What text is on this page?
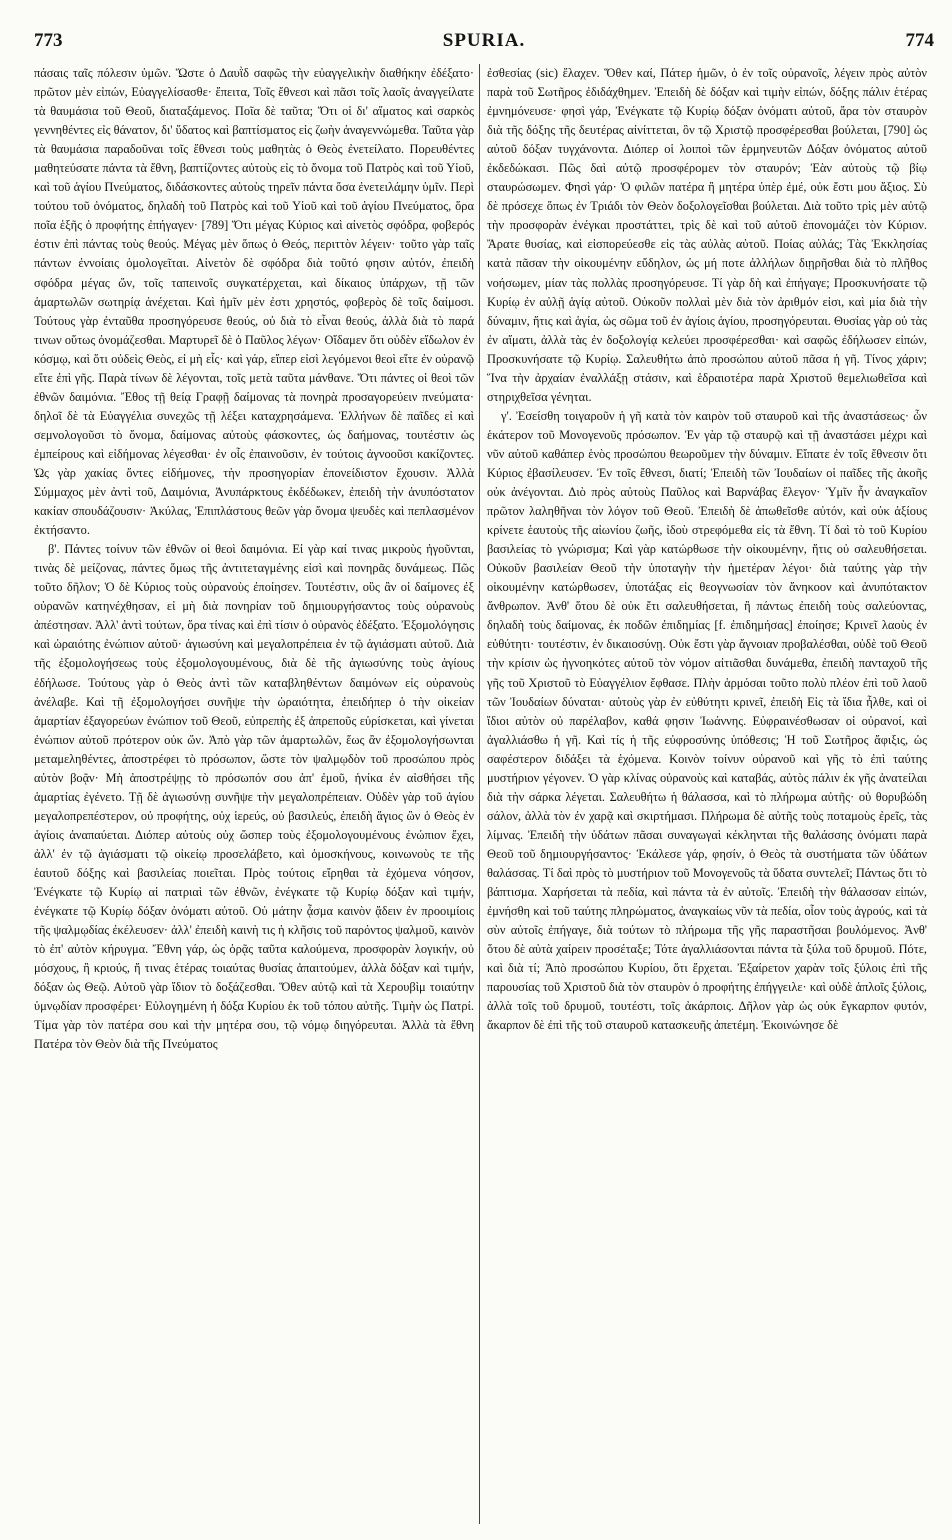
773	SPURIA.	774

πάσαις ταῖς πόλεσιν ὑμῶν. Ὥστε ὁ Δαυῒδ σαφῶς τὴν εὐαγγελικὴν διαθήκην ἐδέξατο· πρῶτον μὲν εἰπών, Εὐαγγελίσασθε· ἔπειτα, Τοῖς ἔθνεσι καὶ πᾶσι τοῖς λαοῖς ἀναγγείλατε τὰ θαυμάσια τοῦ Θεοῦ, διαταξάμενος. Ποῖα δὲ ταῦτα; Ὅτι οἱ δι' αἵματος καὶ σαρκὸς γεννηθέντες εἰς θάνατον, δι' ὕδατος καὶ βαπτίσματος εἰς ζωὴν ἀναγεννώμεθα. Ταῦτα γὰρ τὰ θαυμάσια παραδοῦναι τοῖς ἔθνεσι τοὺς μαθητὰς ὁ Θεὸς ἐνετείλατο. Πορευθέντες μαθητεύσατε πάντα τὰ ἔθνη, βαπτίζοντες αὐτοὺς εἰς τὸ ὄνομα τοῦ Πατρὸς καὶ τοῦ Υἱοῦ, καὶ τοῦ ἁγίου Πνεύματος, διδάσκοντες αὐτοὺς τηρεῖν πάντα ὅσα ἐνετειλάμην ὑμῖν. Περὶ τούτου τοῦ ὀνόματος, δηλαδὴ τοῦ Πατρὸς καὶ τοῦ Υἱοῦ καὶ τοῦ ἁγίου Πνεύματος, ὅρα ποῖα ἑξῆς ὁ προφήτης ἐπήγαγεν· [789] Ὅτι μέγας Κύριος καὶ αἰνετὸς σφόδρα, φοβερός ἐστιν ἐπὶ πάντας τοὺς θεούς. Μέγας μὲν ὅπως ὁ Θεός, περιττὸν λέγειν· τοῦτο γὰρ ταῖς πάντων ἐννοίαις ὁμολογεῖται. Αἰνετὸν δὲ σφόδρα διὰ τοῦτό φησιν αὐτόν, ἐπειδὴ σφόδρα μέγας ὤν, τοῖς ταπεινοῖς συγκατέρχεται, καὶ δίκαιος ὑπάρχων, τῇ τῶν ἁμαρτωλῶν σωτηρίᾳ ἀνέχεται. Καὶ ἡμῖν μὲν ἐστι χρηστός, φοβερὸς δὲ τοῖς δαίμοσι. Τούτους γὰρ ἐνταῦθα προσηγόρευσε θεούς, οὐ διὰ τὸ εἶναι θεούς, ἀλλὰ διὰ τὸ παρά τινων οὕτως ὀνομάζεσθαι. Μαρτυρεῖ δὲ ὁ Παῦλος λέγων· Οἴδαμεν ὅτι οὐδὲν εἴδωλον ἐν κόσμῳ, καὶ ὅτι οὐδεὶς Θεὸς, εἰ μὴ εἷς· καὶ γάρ, εἴπερ εἰσὶ λεγόμενοι θεοὶ εἴτε ἐν οὐρανῷ εἴτε ἐπὶ γῆς. Παρὰ τίνων δὲ λέγονται, τοῖς μετὰ ταῦτα μάνθανε. Ὅτι πάντες οἱ θεοὶ τῶν ἐθνῶν δαιμόνια. Ἔθος τῇ θείᾳ Γραφῇ δαίμονας τὰ πονηρὰ προσαγορεύειν πνεύματα· δηλοῖ δὲ τὰ Εὐαγγέλια συνεχῶς τῇ λέξει καταχρησάμενα. Ἑλλήνων δὲ παῖδες εἰ καὶ σεμνολογοῦσι τὸ ὄνομα, δαίμονας αὐτοὺς φάσκοντες, ὡς δαήμονας, τουτέστιν ὡς ἐμπείρους καὶ εἰδήμονας λέγεσθαι· ἐν οἷς ἐπαινοῦσιν, ἐν τούτοις ἀγνοοῦσι κακίζοντες. Ὡς γὰρ χακίας ὄντες εἰδήμονες, τὴν προσηγορίαν ἐπονείδιστον ἔχουσιν. Ἀλλὰ Σύμμαχος μὲν ἀντὶ τοῦ, Δαιμόνια, Ἀνυπάρκτους ἐκδέδωκεν, ἐπειδὴ τὴν ἀνυπόστατον κακίαν σπουδάζουσιν· Ἀκύλας, Ἐπιπλάστους θεῶν γὰρ ὄνομα ψευδὲς καὶ πεπλασμένον ἐκτήσαντο.

β'. Πάντες τοίνυν τῶν ἐθνῶν οἱ θεοὶ δαιμόνια. Εἰ γὰρ καί τινας μικροὺς ἡγοῦνται, τινὰς δὲ μείζονας, πάντες ὅμως τῆς ἀντιτεταγμένης εἰσὶ καὶ πονηρᾶς δυνάμεως. Πῶς τοῦτο δῆλον; Ὁ δὲ Κύριος τοὺς οὐρανοὺς ἐποίησεν. Τουτέστιν, οὓς ἂν οἱ δαίμονες ἐξ οὐρανῶν κατηνέχθησαν, εἰ μὴ διὰ πονηρίαν τοῦ δημιουργήσαντος τοὺς οὐρανοὺς ἀπέστησαν. Ἀλλ' ἀντὶ τούτων, ὅρα τίνας καὶ ἐπὶ τίσιν ὁ οὐρανὸς ἐδέξατο. Ἐξομολόγησις καὶ ὡραιότης ἐνώπιον αὐτοῦ· ἁγιωσύνη καὶ μεγαλοπρέπεια ἐν τῷ ἁγιάσματι αὐτοῦ. Διὰ τῆς ἐξομολογήσεως τοὺς ἐξομολογουμένους, διὰ δὲ τῆς ἁγιωσύνης τοὺς ἁγίους ἐδήλωσε. Τούτους γὰρ ὁ Θεὸς ἀντὶ τῶν καταβληθέντων δαιμόνων εἰς οὐρανοὺς ἀνέλαβε. Καὶ τῇ ἐξομολογήσει συνῆψε τὴν ὡραιότητα, ἐπειδήπερ ὁ τὴν οἰκείαν ἁμαρτίαν ἐξαγορεύων ἐνώπιον τοῦ Θεοῦ, εὐπρεπὴς ἐξ ἀπρεποῦς εὑρίσκεται, καὶ γίνεται ἐνώπιον αὐτοῦ πρότερον οὐκ ὤν. Ἀπὸ γὰρ τῶν ἁμαρτωλῶν, ἕως ἂν ἐξομολογήσωνται μεταμεληθέντες, ἀποστρέφει τὸ πρόσωπον, ὥστε τὸν ψαλμῳδὸν τοῦ προσώπου πρὸς αὐτὸν βοᾷν· Μὴ ἀποστρέψῃς τὸ πρόσωπόν σου ἀπ' ἐμοῦ, ἡνίκα ἐν αἰσθήσει τῆς ἁμαρτίας ἐγένετο. Τῇ δὲ ἁγιωσύνῃ συνῆψε τὴν μεγαλοπρέπειαν. Οὐδὲν γὰρ τοῦ ἁγίου μεγαλοπρεπέστερον, οὐ προφήτης, οὐχ ἱερεύς, οὐ βασιλεύς, ἐπειδὴ ἅγιος ὢν ὁ Θεὸς ἐν ἁγίοις ἀναπαύεται. Διόπερ αὐτοὺς οὐχ ὥσπερ τοὺς ἐξομολογουμένους ἐνώπιον ἔχει, ἀλλ' ἐν τῷ ἁγιάσματι τῷ οἰκείῳ προσελάβετο, καὶ ὁμοσκήνους, κοινωνοὺς τε τῆς ἑαυτοῦ δόξης καὶ βασιλείας ποιεῖται. Πρὸς τούτοις εἴρηθαι τὰ ἑχόμενα νόησον, Ἐνέγκατε τῷ Κυρίῳ αἱ πατριαὶ τῶν ἐθνῶν, ἐνέγκατε τῷ Κυρίῳ δόξαν καὶ τιμήν, ἐνέγκατε τῷ Κυρίῳ δόξαν ὀνόματι αὐτοῦ. Οὐ μάτην ᾆσμα καινὸν ᾄδειν ἐν προοιμίοις τῆς ψαλμῳδίας ἐκέλευσεν· ἀλλ' ἐπειδὴ καινὴ τις ἡ κλῆσις τοῦ παρόντος ψαλμοῦ, καινὸν τὸ ἐπ' αὐτὸν κήρυγμα. Ἔθνη γάρ, ὡς ὁρᾷς ταῦτα καλούμενα, προσφορὰν λογικήν, οὐ μόσχους, ἢ κριούς, ἤ τινας ἑτέρας τοιαύτας θυσίας ἀπαιτούμεν, ἀλλὰ δόξαν καὶ τιμήν, δόξαν ὡς Θεῷ. Αὐτοῦ γὰρ ἴδιον τὸ δοξάζεσθαι. Ὅθεν αὐτῷ καὶ τὰ Χερουβὶμ τοιαύτην ὑμνῳδίαν προσφέρει· Εὐλογημένη ἡ δόξα Κυρίου ἐκ τοῦ τόπου αὐτῆς. Τιμὴν ὡς Πατρί. Τίμα γὰρ τὸν πατέρα σου καὶ τὴν μητέρα σου, τῷ νόμῳ διηγόρευται. Ἀλλὰ τὰ ἔθνη Πατέρα τὸν Θεὸν διὰ τῆς Πνεύματος

ἐσθεσίας (sic) ἔλαχεν. Ὅθεν καί, Πάτερ ἡμῶν, ὁ ἐν τοῖς οὐρανοῖς, λέγειν πρὸς αὐτὸν παρὰ τοῦ Σωτῆρος ἐδιδάχθημεν. Ἐπειδὴ δὲ δόξαν καὶ τιμὴν εἰπών, δόξης πάλιν ἑτέρας ἐμνημόνευσε· φησὶ γάρ, Ἐνέγκατε τῷ Κυρίῳ δόξαν ὀνόματι αὐτοῦ, ἄρα τὸν σταυρὸν διὰ τῆς δόξης τῆς δευτέρας αἰνίττεται, ὃν τῷ Χριστῷ προσφέρεσθαι βούλεται, [790] ὡς αὐτοῦ δόξαν τυγχάνοντα. Διόπερ οἱ λοιποὶ τῶν ἑρμηνευτῶν Δόξαν ὀνόματος αὐτοῦ ἐκδεδώκασι. Πῶς δαὶ αὐτῷ προσφέρομεν τὸν σταυρόν; Ἐὰν αὐτοὺς τῷ βίῳ σταυρώσωμεν. Φησὶ γάρ· Ὁ φιλῶν πατέρα ἢ μητέρα ὑπὲρ ἐμέ, οὐκ ἔστι μου ἄξιος. Σὺ δὲ πρόσεχε ὅπως ἐν Τριάδι τὸν Θεὸν δοξολογεῖσθαι βούλεται. Διὰ τοῦτο τρὶς μὲν αὐτῷ τὴν προσφορὰν ἐνέγκαι προστάττει, τρὶς δὲ καὶ τοῦ αὐτοῦ ἐπονομάζει τὸν Κύριον. Ἄρατε θυσίας, καὶ εἰσπορεύεσθε εἰς τὰς αὐλὰς αὐτοῦ. Ποίας αὐλάς; Τὰς Ἐκκλησίας κατὰ πᾶσαν τὴν οἰκουμένην εὔδηλον, ὡς μή ποτε ἀλλήλων διῃρῆσθαι διὰ τὸ πλῆθος νοήσωμεν, μίαν τὰς πολλὰς προσηγόρευσε. Τί γὰρ δὴ καὶ ἐπήγαγε; Προσκυνήσατε τῷ Κυρίῳ ἐν αὐλῇ ἁγίᾳ αὐτοῦ. Οὐκοῦν πολλαὶ μὲν διὰ τὸν ἀριθμόν εἰσι, καὶ μία διὰ τὴν δύναμιν, ἥτις καὶ ἁγία, ὡς σῶμα τοῦ ἐν ἁγίοις ἁγίου, προσηγόρευται. Θυσίας γὰρ οὐ τὰς ἐν αἵματι, ἀλλὰ τὰς ἐν δοξολογίᾳ κελεύει προσφέρεσθαι· καὶ σαφῶς ἐδήλωσεν εἰπών, Προσκυνήσατε τῷ Κυρίῳ. Σαλευθήτω ἀπὸ προσώπου αὐτοῦ πᾶσα ἡ γῆ. Τίνος χάριν; Ἵνα τὴν ἀρχαίαν ἐναλλάξῃ στάσιν, καὶ ἑδραιοτέρα παρὰ Χριστοῦ θεμελιωθεῖσα καὶ στηριχθεῖσα γένηται.

γ'. Ἐσείσθη τοιγαροῦν ἡ γῆ κατὰ τὸν καιρὸν τοῦ σταυροῦ καὶ τῆς ἀναστάσεως· ὧν ἑκάτερον τοῦ Μονογενοῦς πρόσωπον. Ἐν γὰρ τῷ σταυρῷ καὶ τῇ ἀναστάσει μέχρι καὶ νῦν αὐτοῦ καθάπερ ἑνὸς προσώπου θεωροῦμεν τὴν δύναμιν. Εἴπατε ἐν τοῖς ἔθνεσιν ὅτι Κύριος ἐβασίλευσεν. Ἐν τοῖς ἔθνεσι, διατί; Ἐπειδὴ τῶν Ἰουδαίων οἱ παῖδες τῆς ἀκοῆς οὐκ ἀνέγονται. Διὸ πρὸς αὐτοὺς Παῦλος καὶ Βαρνάβας ἔλεγον· Ὑμῖν ἦν ἀναγκαῖον πρῶτον λαληθῆναι τὸν λόγον τοῦ Θεοῦ. Ἐπειδὴ δὲ ἀπωθεῖσθε αὐτόν, καὶ οὐκ ἀξίους κρίνετε ἑαυτοὺς τῆς αἰωνίου ζωῆς, ἰδοὺ στρεφόμεθα εἰς τὰ ἔθνη. Τί δαὶ τὸ τοῦ Κυρίου βασιλείας τὸ γνώρισμα; Καὶ γὰρ κατώρθωσε τὴν οἰκουμένην, ἥτις οὐ σαλευθήσεται. Οὐκοῦν βασιλείαν Θεοῦ τὴν ὑποταγὴν τὴν ἡμετέραν λέγοι· διὰ ταύτης γὰρ τὴν οἰκουμένην κατώρθωσεν, ὑποτάξας εἰς θεογνωσίαν τὸν ἄνηκοον καὶ ἀνυπότακτον ἄνθρωπον. Ἀνθ' ὅτου δὲ οὐκ ἔτι σαλευθήσεται, ἢ πάντως ἐπειδὴ τοὺς σαλεύοντας, δηλαδὴ τοὺς δαίμονας, ἐκ ποδῶν ἐπιδημίας [f. ἐπιδημήσας] ἐποίησε; Κρινεῖ λαοὺς ἐν εὐθύτητι· τουτέστιν, ἐν δικαιοσύνῃ. Οὐκ ἔστι γὰρ ἄγνοιαν προβαλέσθαι, οὐδὲ τοῦ Θεοῦ τὴν κρίσιν ὡς ἠγνοηκότες αὐτοῦ τὸν νόμον αἰτιᾶσθαι δυνάμεθα, ἐπειδὴ πανταχοῦ τῆς γῆς τοῦ Χριστοῦ τὸ Εὐαγγέλιον ἔφθασε. Πλὴν ἁρμόσαι τοῦτο πολὺ πλέον ἐπὶ τοῦ λαοῦ τῶν Ἰουδαίων δύναται· αὐτοὺς γὰρ ἐν εὐθύτητι κρινεῖ, ἐπειδὴ Εἰς τὰ ἴδια ἦλθε, καὶ οἱ ἴδιοι αὐτὸν οὐ παρέλαβον, καθά φησιν Ἰωάννης. Εὐφραινέσθωσαν οἱ οὐρανοί, καὶ ἀγαλλιάσθω ἡ γῆ. Καὶ τίς ἡ τῆς εὐφροσύνης ὑπόθεσις; Ἡ τοῦ Σωτῆρος ἄφιξις, ὡς σαφέστερον διδάξει τὰ ἑχόμενα. Κοινὸν τοίνυν οὐρανοῦ καὶ γῆς τὸ ἐπὶ ταύτης μυστήριον γέγονεν. Ὁ γὰρ κλίνας οὐρανοὺς καὶ καταβάς, αὐτὸς πάλιν ἐκ γῆς ἀνατείλαι διὰ τὴν σάρκα λέγεται. Σαλευθήτω ἡ θάλασσα, καὶ τὸ πλήρωμα αὐτῆς· οὐ θορυβώδη σάλον, ἀλλὰ τὸν ἐν χαρᾷ καὶ σκιρτήμασι. Πλήρωμα δὲ αὐτῆς τοὺς ποταμοὺς ἐρεῖς, τὰς λίμνας. Ἐπειδὴ τὴν ὑδάτων πᾶσαι συναγωγαὶ κέκληνται τῆς θαλάσσης ὀνόματι παρὰ Θεοῦ τοῦ δημιουργήσαντος· Ἐκάλεσε γάρ, φησίν, ὁ Θεὸς τὰ συστήματα τῶν ὑδάτων θαλάσσας. Τί δαὶ πρὸς τὸ μυστήριον τοῦ Μονογενοῦς τὰ ὕδατα συντελεῖ; Πάντως ὅτι τὸ βάπτισμα. Χαρήσεται τὰ πεδία, καὶ πάντα τὰ ἐν αὐτοῖς. Ἐπειδὴ τὴν θάλασσαν εἰπών, ἐμνήσθη καὶ τοῦ ταύτης πληρώματος, ἀναγκαίως νῦν τὰ πεδία, οἷον τοὺς ἀγρούς, καὶ τὰ σὺν αὐτοῖς ἐπήγαγε, διὰ τούτων τὸ πλήρωμα τῆς γῆς παραστῆσαι βουλόμενος. Ἀνθ' ὅτου δὲ αὐτὰ χαίρειν προσέταξε; Τότε ἀγαλλιάσονται πάντα τὰ ξύλα τοῦ δρυμοῦ. Πότε, καὶ διὰ τί; Ἀπὸ προσώπου Κυρίου, ὅτι ἔρχεται. Ἐξαίρετον χαρὰν τοῖς ξύλοις ἐπὶ τῆς παρουσίας τοῦ Χριστοῦ διὰ τὸν σταυρὸν ὁ προφήτης ἐπήγγειλε· καὶ οὐδὲ ἁπλοῖς ξύλοις, ἀλλὰ τοῖς τοῦ δρυμοῦ, τουτέστι, τοῖς ἀκάρποις. Δῆλον γὰρ ὡς οὐκ ἔγκαρπον φυτόν, ἄκαρπον δὲ ἐπὶ τῆς τοῦ σταυροῦ κατασκευῆς ἀπετέμη. Ἐκοινώνησε δὲ
